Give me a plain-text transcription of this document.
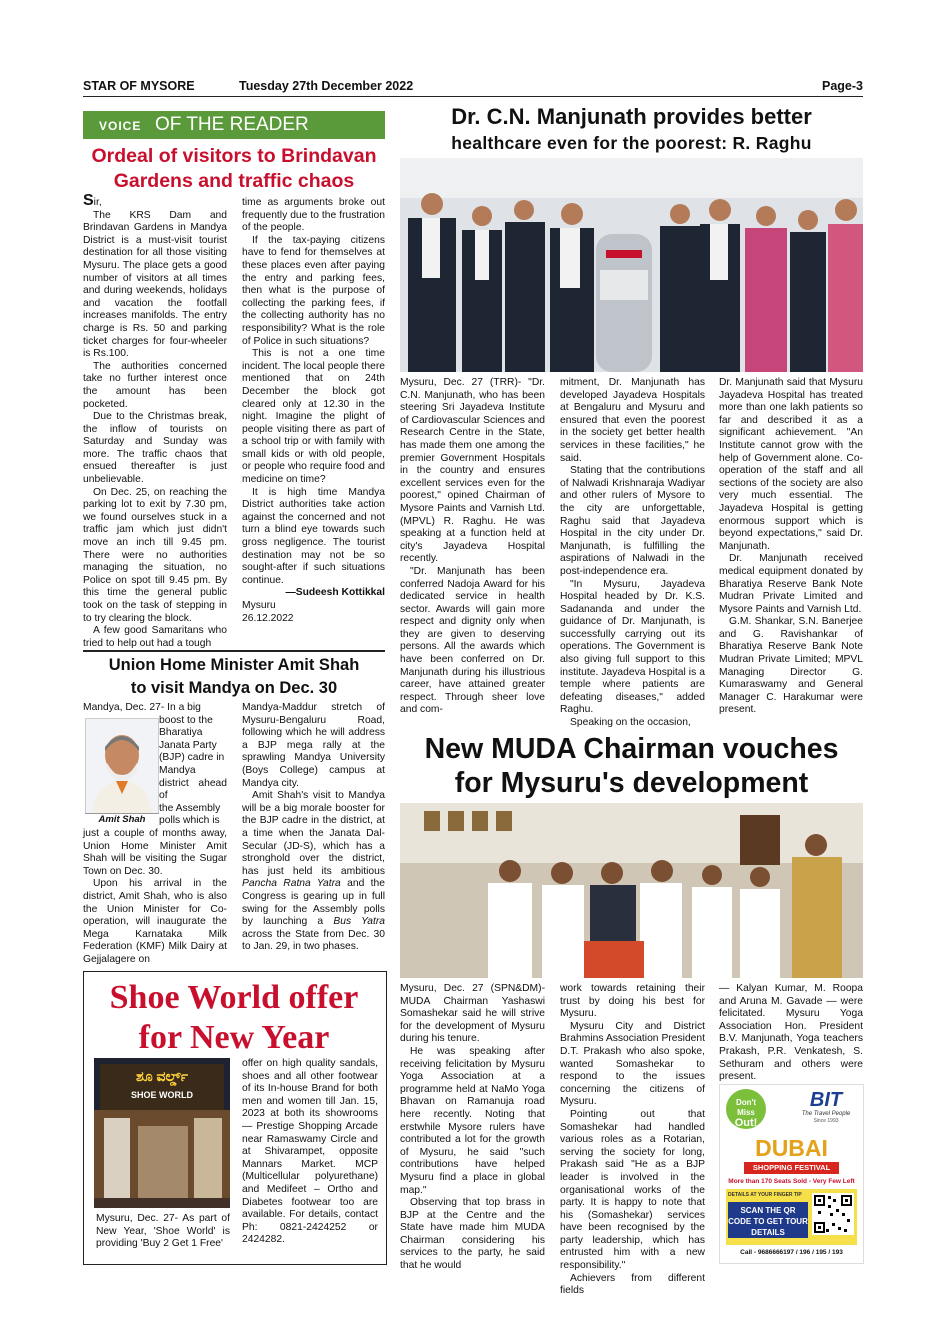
STAR OF MYSORE	Tuesday 27th December 2022	Page-3
VOICE OF THE READER
Ordeal of visitors to Brindavan
Gardens and traffic chaos

Sir,

The KRS Dam and Brindavan Gardens in Mandya District is a must-visit tourist destination for all those visiting Mysuru. The place gets a good number of visitors at all times and during weekends, holidays and vacation the footfall increases manifolds. The entry charge is Rs. 50 and parking ticket charges for four-wheeler is Rs.100.

The authorities concerned take no further interest once the amount has been pocketed.

Due to the Christmas break, the inflow of tourists on Saturday and Sunday was more. The traffic chaos that ensued thereafter is just unbelievable.

On Dec. 25, on reaching the parking lot to exit by 7.30 pm, we found ourselves stuck in a traffic jam which just didn't move an inch till 9.45 pm. There were no authorities managing the situation, no Police on spot till 9.45 pm. By this time the general public took on the task of stepping in to try clearing the block.

A few good Samaritans who tried to help out had a tough

time as arguments broke out frequently due to the frustration of the people.

If the tax-paying citizens have to fend for themselves at these places even after paying the entry and parking fees, then what is the purpose of collecting the parking fees, if the collecting authority has no responsibility? What is the role of Police in such situations?

This is not a one time incident. The local people there mentioned that on 24th December the block got cleared only at 12.30 in the night. Imagine the plight of people visiting there as part of a school trip or with family with small kids or with old people, or people who require food and medicine on time?

It is high time Mandya District authorities take action against the concerned and not turn a blind eye towards such gross negligence. The tourist destination may not be so sought-after if such situations continue.

—Sudeesh Kottikkal

Mysuru

26.12.2022

Union Home Minister Amit Shah
to visit Mandya on Dec. 30
Amit Shah

Mandya, Dec. 27- In a big

boost to the
Bharatiya Janata Party
(BJP) cadre in
Mandya district ahead of
the Assembly
polls which is

just a couple of months away, Union Home Minister Amit Shah will be visiting the Sugar Town on Dec. 30.

Upon his arrival in the district, Amit Shah, who is also the Union Minister for Co-operation, will inaugurate the Mega Karnataka Milk Federation (KMF) Milk Dairy at Gejjalagere on

Mandya-Maddur stretch of Mysuru-Bengaluru Road, following which he will address a BJP mega rally at the sprawling Mandya University (Boys College) campus at Mandya city.

Amit Shah's visit to Mandya will be a big morale booster for the BJP cadre in the district, at a time when the Janata Dal-Secular (JD-S), which has a stronghold over the district, has just held its ambitious Pancha Ratna Yatra and the Congress is gearing up in full swing for the Assembly polls by launching a Bus Yatra across the State from Dec. 30 to Jan. 29, in two phases.

Shoe World offer
for New Year
ಶೂ ವರ್ಲ್ಡ್
SHOE WORLD

Mysuru, Dec. 27- As part of New Year, 'Shoe World' is providing 'Buy 2 Get 1 Free'

offer on high quality sandals, shoes and all other footwear of its In-house Brand for both men and women till Jan. 15, 2023 at both its showrooms — Prestige Shopping Arcade near Ramaswamy Circle and at Shivarampet, opposite Mannars Market. MCP (Multicellular polyurethane) and Medifeet – Ortho and Diabetes footwear too are available. For details, contact Ph: 0821-2424252 or 2424282.

Dr. C.N. Manjunath provides better
healthcare even for the poorest: R. Raghu

Mysuru, Dec. 27 (TRR)- "Dr. C.N. Manjunath, who has been steering Sri Jayadeva Institute of Cardiovascular Sciences and Research Centre in the State, has made them one among the premier Government Hospitals in the country and ensures excellent services even for the poorest," opined Chairman of Mysore Paints and Varnish Ltd. (MPVL) R. Raghu. He was speaking at a function held at city's Jayadeva Hospital recently.

"Dr. Manjunath has been conferred Nadoja Award for his dedicated service in health sector. Awards will gain more respect and dignity only when they are given to deserving persons. All the awards which have been conferred on Dr. Manjunath during his illustrious career, have attained greater respect. Through sheer love and com-

mitment, Dr. Manjunath has developed Jayadeva Hospitals at Bengaluru and Mysuru and ensured that even the poorest in the society get better health services in these facilities," he said.

Stating that the contributions of Nalwadi Krishnaraja Wadiyar and other rulers of Mysore to the city are unforgettable, Raghu said that Jayadeva Hospital in the city under Dr. Manjunath, is fulfilling the aspirations of Nalwadi in the post-independence era.

"In Mysuru, Jayadeva Hospital headed by Dr. K.S. Sadananda and under the guidance of Dr. Manjunath, is successfully carrying out its operations. The Government is also giving full support to this institute. Jayadeva Hospital is a temple where patients are defeating diseases," added Raghu.

Speaking on the occasion,

Dr. Manjunath said that Mysuru Jayadeva Hospital has treated more than one lakh patients so far and described it as a significant achievement. "An Institute cannot grow with the help of Government alone. Co-operation of the staff and all sections of the society are also very much essential. The Jayadeva Hospital is getting enormous support which is beyond expectations," said Dr. Manjunath.

Dr. Manjunath received medical equipment donated by Bharatiya Reserve Bank Note Mudran Private Limited and Mysore Paints and Varnish Ltd.

G.M. Shankar, S.N. Banerjee and G. Ravishankar of Bharatiya Reserve Bank Note Mudran Private Limited; MPVL Managing Director G. Kumaraswamy and General Manager C. Harakumar were present.

New MUDA Chairman vouches
for Mysuru's development

Mysuru, Dec. 27 (SPN&DM)- MUDA Chairman Yashaswi Somashekar said he will strive for the development of Mysuru during his tenure.

He was speaking after receiving felicitation by Mysuru Yoga Association at a programme held at NaMo Yoga Bhavan on Ramanuja road here recently. Noting that erstwhile Mysore rulers have contributed a lot for the growth of Mysuru, he said "such contributions have helped Mysuru find a place in global map."

Observing that top brass in BJP at the Centre and the State have made him MUDA Chairman considering his services to the party, he said that he would

work towards retaining their trust by doing his best for Mysuru.

Mysuru City and District Brahmins Association President D.T. Prakash who also spoke, wanted Somashekar to respond to the issues concerning the citizens of Mysuru.

Pointing out that Somashekar had handled various roles as a Rotarian, serving the society for long, Prakash said "He as a BJP leader is involved in the organisational works of the party. It is happy to note that his (Somashekar) services have been recognised by the party leadership, which has entrusted him with a new responsibility."

Achievers from different fields

— Kalyan Kumar, M. Roopa and Aruna M. Gavade — were felicitated. Mysuru Yoga Association Hon. President B.V. Manjunath, Yoga teachers Prakash, P.R. Venkatesh, S. Sethuram and others were present.

Don't Miss
Out!
BIT
The Travel People
Since 1993
DUBAI
SHOPPING FESTIVAL
More than 170 Seats Sold - Very Few Left
DETAILS AT YOUR FINGER TIP
SCAN THE QR CODE TO GET TOUR DETAILS
Call - 9686666197 / 196 / 195 / 193
